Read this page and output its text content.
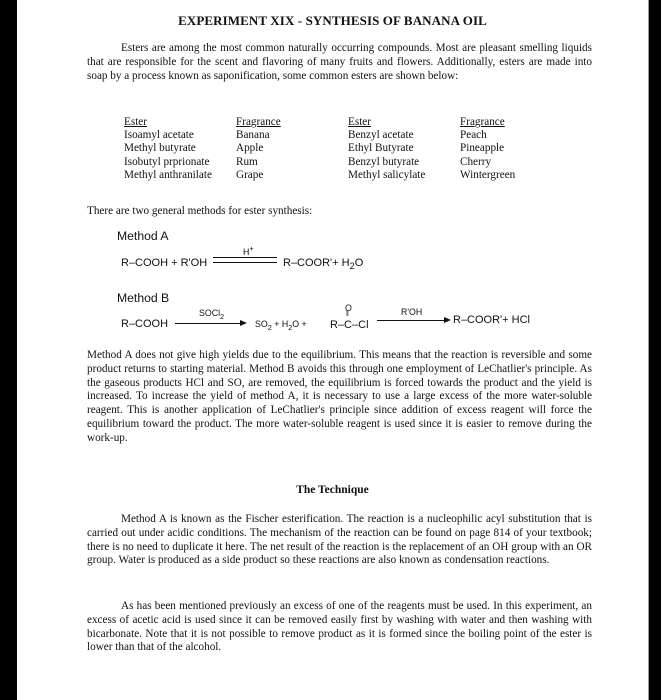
EXPERIMENT XIX - SYNTHESIS OF BANANA OIL
Esters are among the most common naturally occurring compounds. Most are pleasant smelling liquids that are responsible for the scent and flavoring of many fruits and flowers. Additionally, esters are made into soap by a process known as saponification, some common esters are shown below:
Ester
Isoamyl acetate
Methyl butyrate
Isobutyl prprionate
Methyl anthranilate
Fragrance
Banana
Apple
Rum
Grape
Ester
Benzyl acetate
Ethyl Butyrate
Benzyl butyrate
Methyl salicylate
Fragrance
Peach
Pineapple
Cherry
Wintergreen
There are two general methods for ester synthesis:
Method A
R–COOH + R'OH
H+
R–COOR'+ $H_2O$
Method B
R–COOH
SOCl$_2$
$SO_2 + H_2O$ +
O
‖
R–C–Cl
R'OH
R–COOR'+ HCl
Method A does not give high yields due to the equilibrium. This means that the reaction is reversible and some product returns to starting material. Method B avoids this through one employment of LeChatlier's principle. As the gaseous products HCl and SO, are removed, the equilibrium is forced towards the product and the yield is increased. To increase the yield of method A, it is necessary to use a large excess of the more water-soluble reagent. This is another application of LeChatlier's principle since addition of excess reagent will force the equilibrium toward the product. The more water-soluble reagent is used since it is easier to remove during the work-up.
The Technique
Method A is known as the Fischer esterification. The reaction is a nucleophilic acyl substitution that is carried out under acidic conditions. The mechanism of the reaction can be found on page 814 of your textbook; there is no need to duplicate it here. The net result of the reaction is the replacement of an OH group with an OR group. Water is produced as a side product so these reactions are also known as condensation reactions.
As has been mentioned previously an excess of one of the reagents must be used. In this experiment, an excess of acetic acid is used since it can be removed easily first by washing with water and then washing with bicarbonate. Note that it is not possible to remove product as it is formed since the boiling point of the ester is lower than that of the alcohol.
